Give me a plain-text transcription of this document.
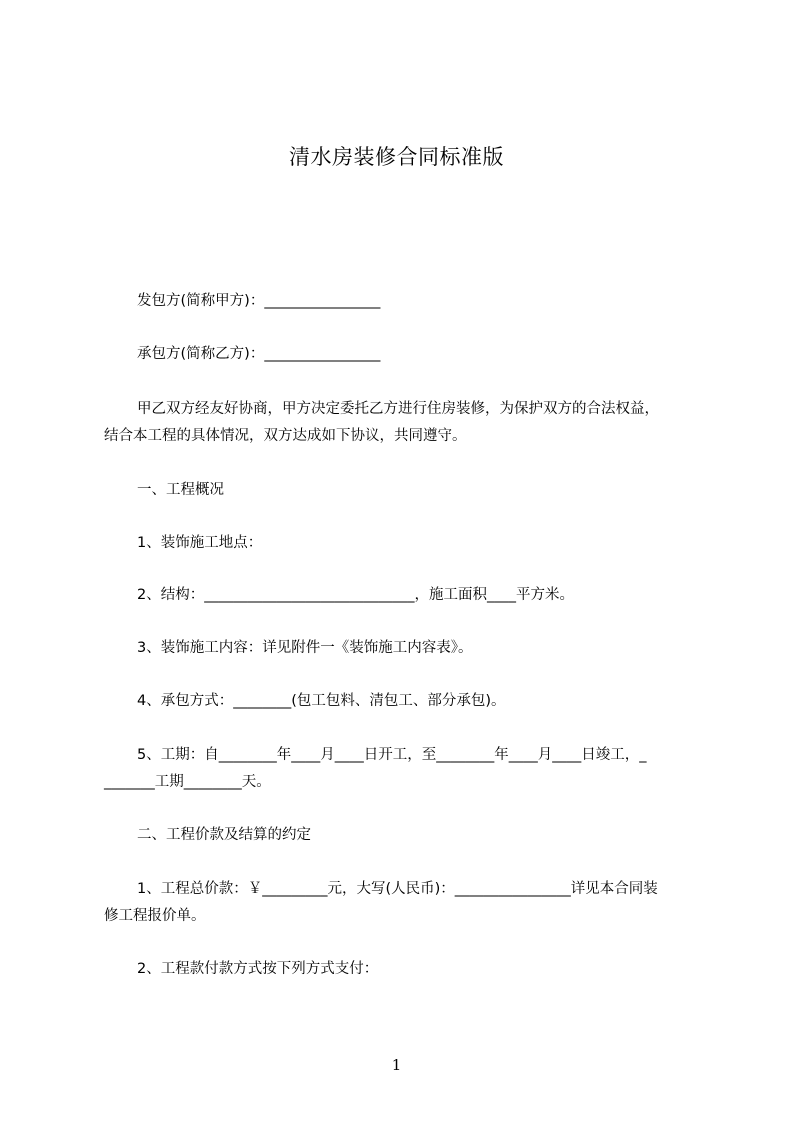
清水房装修合同标准版
发包方(简称甲方)：________________
承包方(简称乙方)：________________
甲乙双方经友好协商，甲方决定委托乙方进行住房装修，为保护双方的合法权益，
结合本工程的具体情况，双方达成如下协议，共同遵守。
一、工程概况
1、装饰施工地点：
2、结构：_____________________________，施工面积____平方米。
3、装饰施工内容：详见附件一《装饰施工内容表》。
4、承包方式：________(包工包料、清包工、部分承包)。
5、工期：自________年____月____日开工，至________年____月____日竣工，_
_______工期________天。
二、工程价款及结算的约定
1、工程总价款：￥_________元，大写(人民币)：________________详见本合同装
修工程报价单。
2、工程款付款方式按下列方式支付：
1
